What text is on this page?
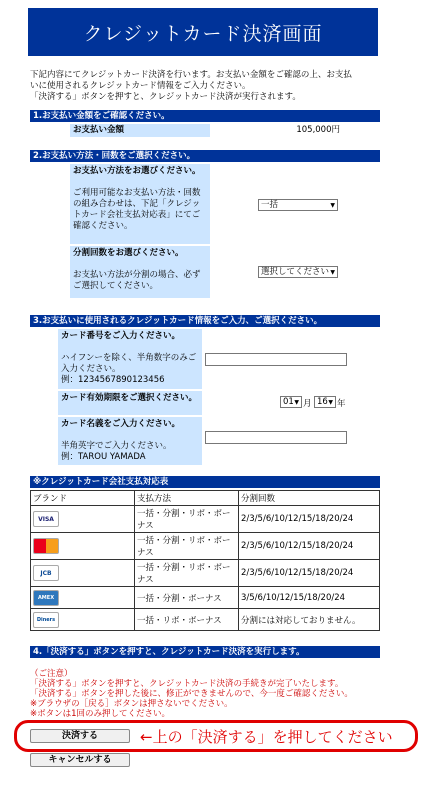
クレジットカード決済画面
下記内容にてクレジットカード決済を行います。お支払い金額をご確認の上、お支払
いに使用されるクレジットカード情報をご入力ください。
「決済する」ボタンを押すと、クレジットカード決済が実行されます。
1.お支払い金額をご確認ください。
お支払い金額	105,000円
2.お支払い方法・回数をご選択ください。
お支払い方法をお選びください。

ご利用可能なお支払い方法・回数の組み合わせは、下記「クレジットカード会社支払対応表」にてご確認ください。
一括	▼
分割回数をお選びください。

お支払い方法が分割の場合、必ずご選択してください。
選択してください ▼
3.お支払いに使用されるクレジットカード情報をご入力、ご選択ください。
カード番号をご入力ください。

ハイフンーを除く、半角数字のみご入力ください。
例：1234567890123456
カード有効期限をご選択ください。	01 ▼ 月 16 ▼ 年
カード名義をご入力ください。

半角英字でご入力ください。
例：TAROU YAMADA
※クレジットカード会社支払対応表
ブランド	支払方法	分割回数

VISA	一括・分割・リボ・ボーナス	2/3/5/6/10/12/15/18/20/24

	一括・分割・リボ・ボーナス	2/3/5/6/10/12/15/18/20/24

JCB	一括・分割・リボ・ボーナス	2/3/5/6/10/12/15/18/20/24

AMEX	一括・分割・ボーナス	3/5/6/10/12/15/18/20/24

Diners	一括・リボ・ボーナス	分割には対応しておりません。
4.「決済する」ボタンを押すと、クレジットカード決済を実行します。
（ご注意）
「決済する」ボタンを押すと、クレジットカード決済の手続きが完了いたします。
「決済する」ボタンを押した後に、修正ができませんので、今一度ご確認ください。
※ブラウザの［戻る］ボタンは押さないでください。
※ボタンは1回のみ押してください。
決済する	←上の「決済する」を押してください
キャンセルする
